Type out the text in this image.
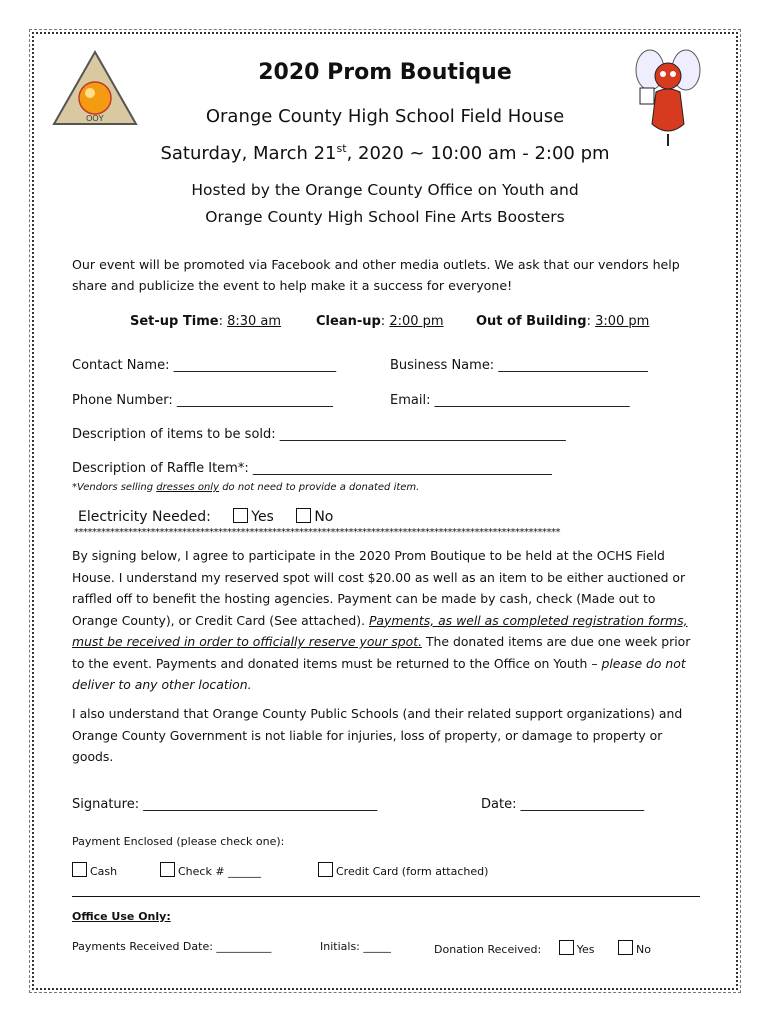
OOY
2020 Prom Boutique
Orange County High School Field House
Saturday, March 21st, 2020 ~ 10:00 am - 2:00 pm
Hosted by the Orange County Office on Youth and
Orange County High School Fine Arts Boosters
Our event will be promoted via Facebook and other media outlets. We ask that our vendors help share and publicize the event to help make it a success for everyone!
Set-up Time: 8:30 am	Clean-up: 2:00 pm Out of Building: 3:00 pm
Contact Name: _________________________	Business Name: _______________________
Phone Number: ________________________	Email: ______________________________
Description of items to be sold: ____________________________________________
Description of Raffle Item*: ______________________________________________
*Vendors selling dresses only do not need to provide a donated item.
Electricity Needed:	Yes	No
************************************************************************************************************
By signing below, I agree to participate in the 2020 Prom Boutique to be held at the OCHS Field House. I understand my reserved spot will cost $20.00 as well as an item to be either auctioned or raffled off to benefit the hosting agencies. Payment can be made by cash, check (Made out to Orange County), or Credit Card (See attached). Payments, as well as completed registration forms, must be received in order to officially reserve your spot. The donated items are due one week prior to the event. Payments and donated items must be returned to the Office on Youth – please do not deliver to any other location.
I also understand that Orange County Public Schools (and their related support organizations) and Orange County Government is not liable for injuries, loss of property, or damage to property or goods.
Signature: ____________________________________	Date: ___________________
Payment Enclosed (please check one):
Cash	Check # ______	Credit Card (form attached)
Office Use Only:
Payments Received Date: __________	Initials: _____	Donation Received:	Yes	No
